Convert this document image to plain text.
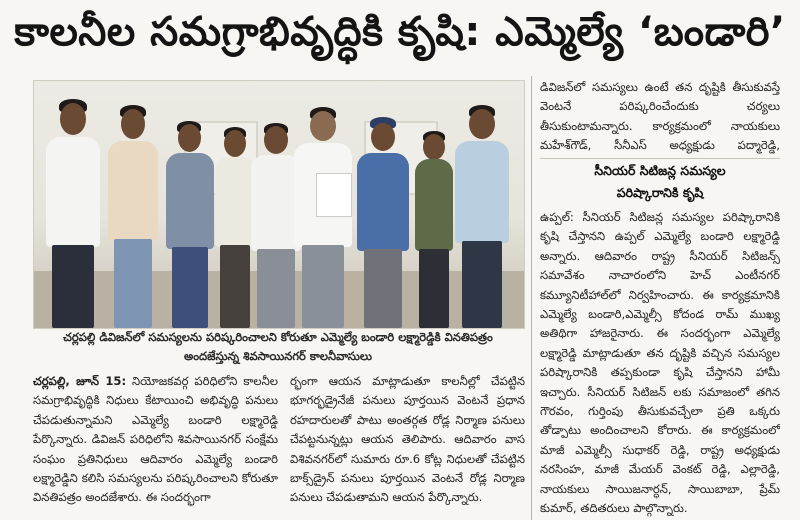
కాలనీల సమగ్రాభివృద్ధికి కృషి: ఎమ్మెల్యే ‘బండారి’
చర్లపల్లి డివిజన్‌లో సమస్యలను పరిష్కరించాలని కోరుతూ ఎమ్మెల్యే బండారి లక్ష్మారెడ్డికి వినతిపత్రం
అందజేస్తున్న శివసాయినగర్ కాలనీవాసులు

చర్లపల్లి, జూన్ 15: నియోజకవర్గ పరిధిలోని కాలనీల సమగ్రాభివృద్ధికి నిధులు కేటాయించి అభివృద్ధి పనులు చేపడుతున్నామని ఎమ్మెల్యే బండారి లక్ష్మారెడ్డి పేర్కొన్నారు. డివిజన్ పరిధిలోని శివసాయినగర్ సంక్షేమ సంఘం ప్రతినిధులు ఆదివారం ఎమ్మెల్యే బండారి లక్ష్మారెడ్డిని కలిసి సమస్యలను పరిష్కరించాలని కోరుతూ వినతిపత్రం అందజేశారు. ఈ సందర్భంగా

ర్భంగా ఆయన మాట్లాడుతూ కాలనీల్లో చేపట్టిన భూగర్భడ్రైనేజీ పనులు పూర్తయిన వెంటనే ప్రధాన రహదారులతో పాటు అంతర్గత రోడ్ల నిర్మాణ పనులు చేపట్టనున్నట్లు ఆయన తెలిపారు. ఆదివారం వాస విశివనగర్‌లో సుమారు రూ.6 కోట్ల నిధులతో చేపట్టిన బాక్స్‌డ్రైన్ పనులు పూర్తయిన వెంటనే రోడ్ల నిర్మాణ పనులు చేపడుతామని ఆయన పేర్కొన్నారు.

డివిజన్‌లో సమస్యలు ఉంటే తన దృష్టికి తీసుకువస్తే వెంటనే పరిష్కరించేందుకు చర్యలు తీసుకుంటామన్నారు. కార్యక్రమంలో నాయకులు మహేశ్‌గౌడ్, సీనీఎస్ అధ్యక్షుడు పద్మారెడ్డి,

సీనియర్ సిటిజన్ల సమస్యల
పరిష్కారానికి కృషి

ఉప్పల్: సీనియర్ సిటిజన్ల సమస్యల పరిష్కారానికి కృషి చేస్తానని ఉప్పల్ ఎమ్మెల్యే బండారి లక్ష్మారెడ్డి అన్నారు. ఆదివారం రాష్ట్ర సీనియర్ సిటిజన్స్ సమావేశం నాచారంలోని హెచ్ ఎంటీనగర్ కమ్యూనిటీహాల్‌లో నిర్వహించారు. ఈ కార్యక్రమానికి ఎమ్మెల్యే బండారి,ఎమ్మెల్సీ కోదండ రామ్ ముఖ్య అతిథిగా హాజరైనారు. ఈ సందర్భంగా ఎమ్మెల్యే లక్ష్మారెడ్డి మాట్లాడుతూ తన దృష్టికి వచ్చిన సమస్యల పరిష్కారానికి తప్పకుండా కృషి చేస్తానని హామీ ఇచ్చారు. సీనియర్ సిటిజన్ లకు సమాజంలో తగిన గౌరవం, గుర్తింపు తీసుకువచ్చేలా ప్రతి ఒక్కరు తోడ్పాటు అందించాలని కోరారు. ఈ కార్యక్రమంలో మాజీ ఎమ్మెల్సీ సుధాకర్ రెడ్డి, రాష్ట్ర అధ్యక్షుడు నరసింహ, మాజీ మేయర్ వెంకట్ రెడ్డి, ఎల్లారెడ్డి, నాయకులు సాయిజనార్ధన్, సాయిబాబా, ప్రేమ్ కుమార్, తదితరులు పాల్గొన్నారు.
